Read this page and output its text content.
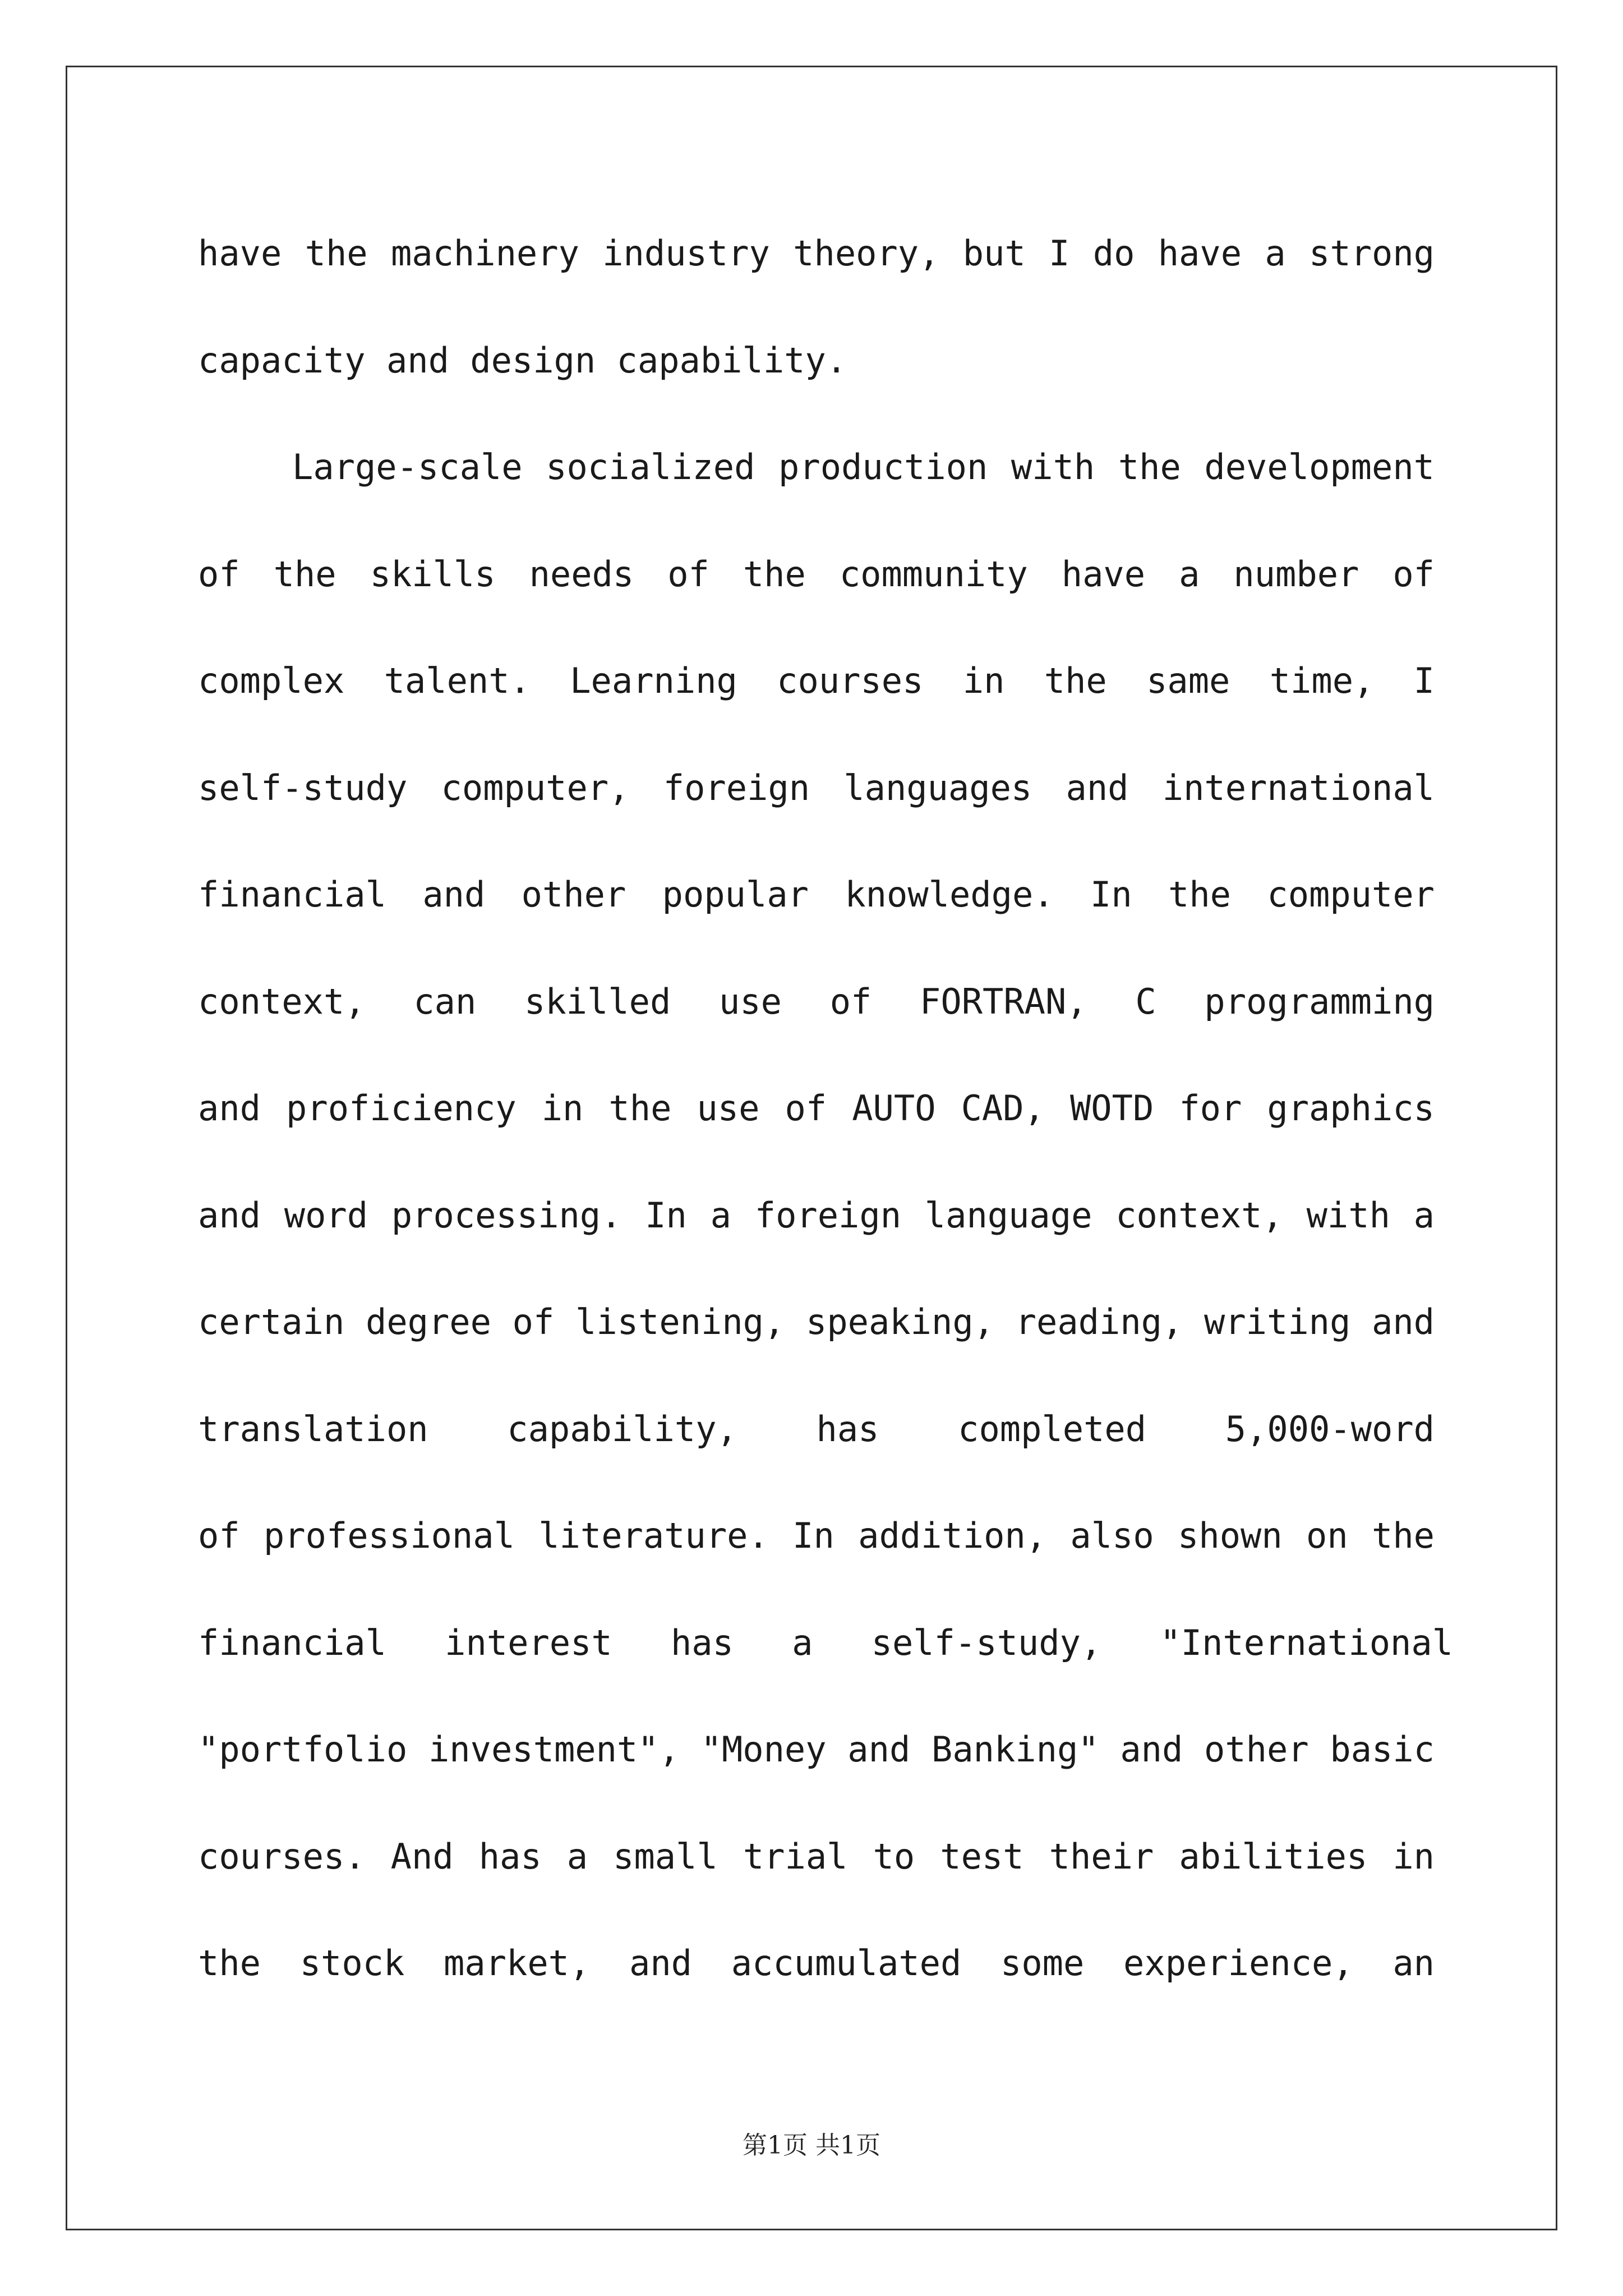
have the machinery industry theory, but I do have a strong
capacity and design capability.
Large-scale socialized production with the development
of the skills needs of the community have a number of
complex talent. Learning courses in the same time, I
self-study computer, foreign languages and international
financial and other popular knowledge. In the computer
context, can skilled use of FORTRAN, C programming
and proficiency in the use of AUTO CAD, WOTD for graphics
and word processing. In a foreign language context, with a
certain degree of listening, speaking, reading, writing and
translation capability, has completed 5,000-word
of professional literature. In addition, also shown on the
financial interest has a self-study, "International
"portfolio investment", "Money and Banking" and other basic
courses. And has a small trial to test their abilities in
the stock market, and accumulated some experience, an
第1页 共1页
